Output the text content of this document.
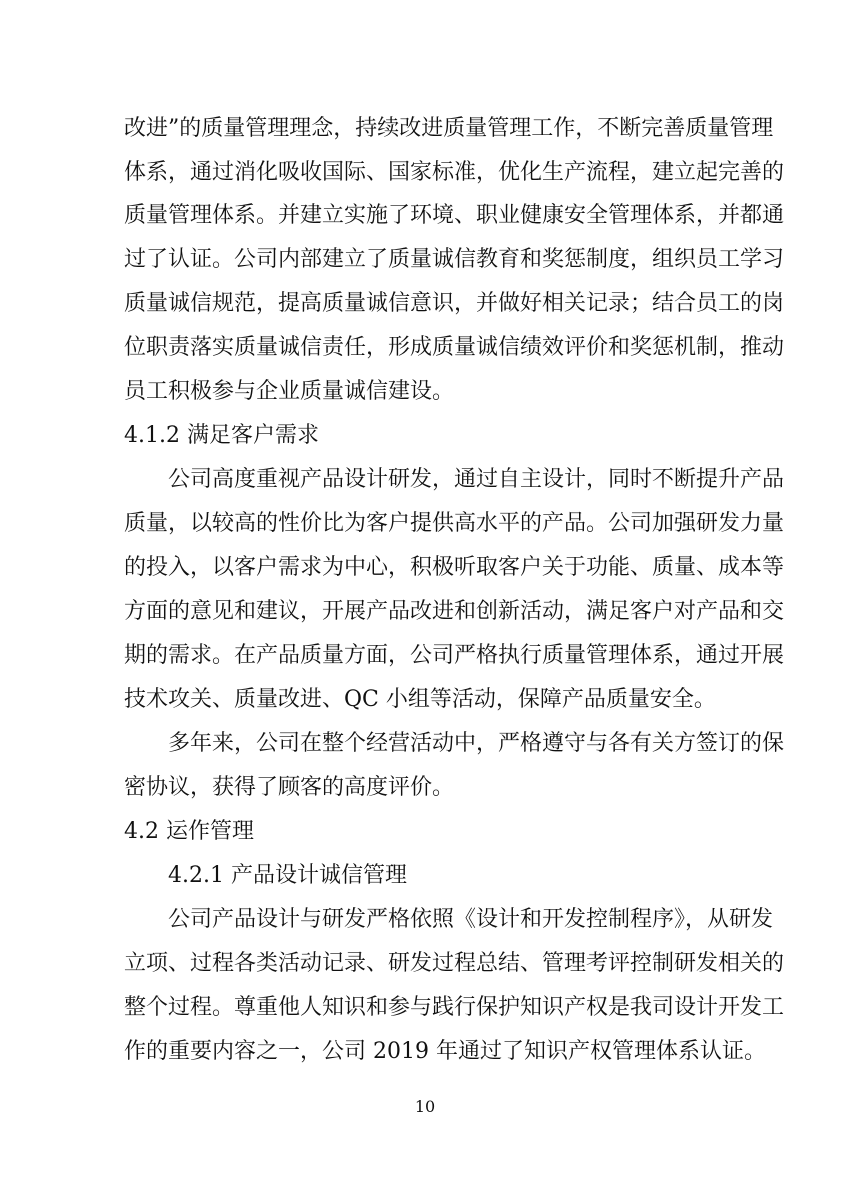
改进”的质量管理理念，持续改进质量管理工作，不断完善质量管理
体系，通过消化吸收国际、国家标准，优化生产流程，建立起完善的
质量管理体系。并建立实施了环境、职业健康安全管理体系，并都通
过了认证。公司内部建立了质量诚信教育和奖惩制度，组织员工学习
质量诚信规范，提高质量诚信意识，并做好相关记录；结合员工的岗
位职责落实质量诚信责任，形成质量诚信绩效评价和奖惩机制，推动
员工积极参与企业质量诚信建设。
4.1.2 满足客户需求
公司高度重视产品设计研发，通过自主设计，同时不断提升产品
质量，以较高的性价比为客户提供高水平的产品。公司加强研发力量
的投入，以客户需求为中心，积极听取客户关于功能、质量、成本等
方面的意见和建议，开展产品改进和创新活动，满足客户对产品和交
期的需求。在产品质量方面，公司严格执行质量管理体系，通过开展
技术攻关、质量改进、QC 小组等活动，保障产品质量安全。
多年来，公司在整个经营活动中，严格遵守与各有关方签订的保
密协议，获得了顾客的高度评价。
4.2 运作管理
4.2.1 产品设计诚信管理
公司产品设计与研发严格依照《设计和开发控制程序》，从研发
立项、过程各类活动记录、研发过程总结、管理考评控制研发相关的
整个过程。尊重他人知识和参与践行保护知识产权是我司设计开发工
作的重要内容之一，公司 2019 年通过了知识产权管理体系认证。
10
